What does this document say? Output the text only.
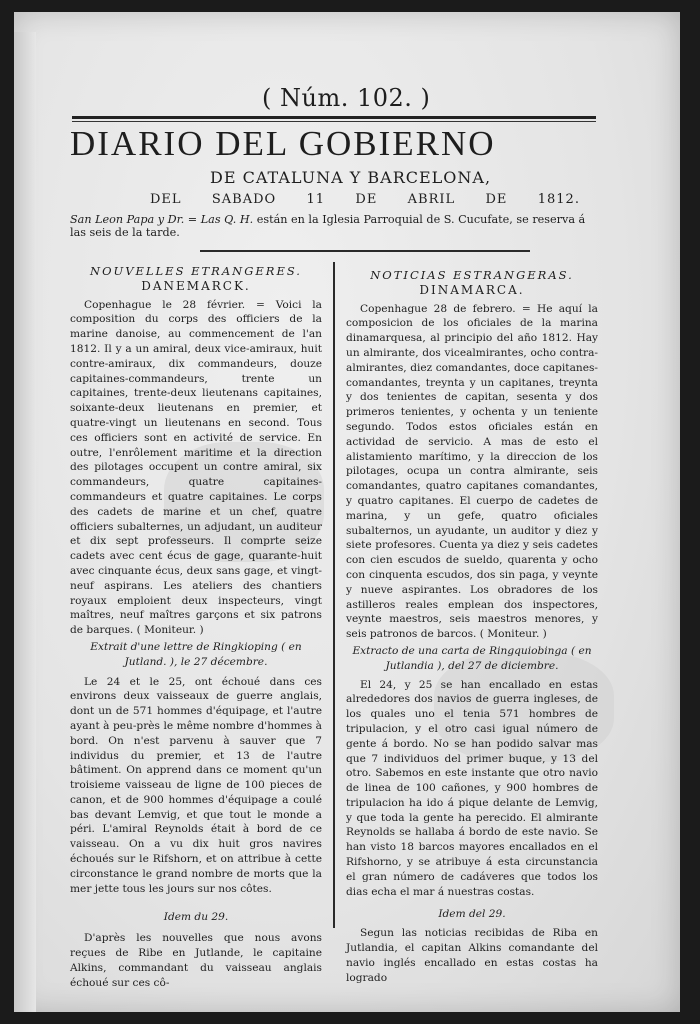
( Núm. 102. )
DIARIO DEL GOBIERNO
DE CATALUNA Y BARCELONA,
DEL SABADO 11 DE ABRIL DE 1812.
San Leon Papa y Dr. = Las Q. H. están en la Iglesia Parroquial de S. Cucufate, se reserva á las seis de la tarde.
NOUVELLES ETRANGERES.
DANEMARCK.
Copenhague le 28 février. = Voici la composition du corps des officiers de la marine danoise, au commencement de l'an 1812. Il y a un amiral, deux vice-amiraux, huit contre-amiraux, dix commandeurs, douze capitaines-commandeurs, trente un capitaines, trente-deux lieutenans capitaines, soixante-deux lieutenans en premier, et quatre-vingt un lieutenans en second. Tous ces officiers sont en activité de service. En outre, l'enrôlement maritime et la direction des pilotages occupent un contre amiral, six commandeurs, quatre capitaines-commandeurs et quatre capitaines. Le corps des cadets de marine et un chef, quatre officiers subalternes, un adjudant, un auditeur et dix sept professeurs. Il comprte seize cadets avec cent écus de gage, quarante-huit avec cinquante écus, deux sans gage, et vingt-neuf aspirans. Les ateliers des chantiers royaux emploient deux inspecteurs, vingt maîtres, neuf maîtres garçons et six patrons de barques. ( Moniteur. )
Extrait d'une lettre de Ringkioping ( en Jutland. ), le 27 décembre.
Le 24 et le 25, ont échoué dans ces environs deux vaisseaux de guerre anglais, dont un de 571 hommes d'équipage, et l'autre ayant à peu-près le même nombre d'hommes à bord. On n'est parvenu à sauver que 7 individus du premier, et 13 de l'autre bâtiment. On apprend dans ce moment qu'un troisieme vaisseau de ligne de 100 pieces de canon, et de 900 hommes d'équipage a coulé bas devant Lemvig, et que tout le monde a péri. L'amiral Reynolds était à bord de ce vaisseau. On a vu dix huit gros navires échoués sur le Rifshorn, et on attribue à cette circonstance le grand nombre de morts que la mer jette tous les jours sur nos côtes.
Idem du 29.
D'après les nouvelles que nous avons reçues de Ribe en Jutlande, le capitaine Alkins, commandant du vaisseau anglais échoué sur ces cô-
NOTICIAS ESTRANGERAS.
DINAMARCA.
Copenhague 28 de febrero. = He aquí la composicion de los oficiales de la marina dinamarquesa, al principio del año 1812. Hay un almirante, dos vicealmirantes, ocho contra-almirantes, diez comandantes, doce capitanes-comandantes, treynta y un capitanes, treynta y dos tenientes de capitan, sesenta y dos primeros tenientes, y ochenta y un teniente segundo. Todos estos oficiales están en actividad de servicio. A mas de esto el alistamiento marítimo, y la direccion de los pilotages, ocupa un contra almirante, seis comandantes, quatro capitanes comandantes, y quatro capitanes. El cuerpo de cadetes de marina, y un gefe, quatro oficiales subalternos, un ayudante, un auditor y diez y siete profesores. Cuenta ya diez y seis cadetes con cien escudos de sueldo, quarenta y ocho con cinquenta escudos, dos sin paga, y veynte y nueve aspirantes. Los obradores de los astilleros reales emplean dos inspectores, veynte maestros, seis maestros menores, y seis patronos de barcos. ( Moniteur. )
Extracto de una carta de Ringquiobinga ( en Jutlandia ), del 27 de diciembre.
El 24, y 25 se han encallado en estas alrededores dos navios de guerra ingleses, de los quales uno el tenia 571 hombres de tripulacion, y el otro casi igual número de gente á bordo. No se han podido salvar mas que 7 individuos del primer buque, y 13 del otro. Sabemos en este instante que otro navio de linea de 100 cañones, y 900 hombres de tripulacion ha ido á pique delante de Lemvig, y que toda la gente ha perecido. El almirante Reynolds se hallaba á bordo de este navio. Se han visto 18 barcos mayores encallados en el Rifshorno, y se atribuye á esta circunstancia el gran número de cadáveres que todos los dias echa el mar á nuestras costas.
Idem del 29.
Segun las noticias recibidas de Riba en Jutlandia, el capitan Alkins comandante del navio inglés encallado en estas costas ha logrado
